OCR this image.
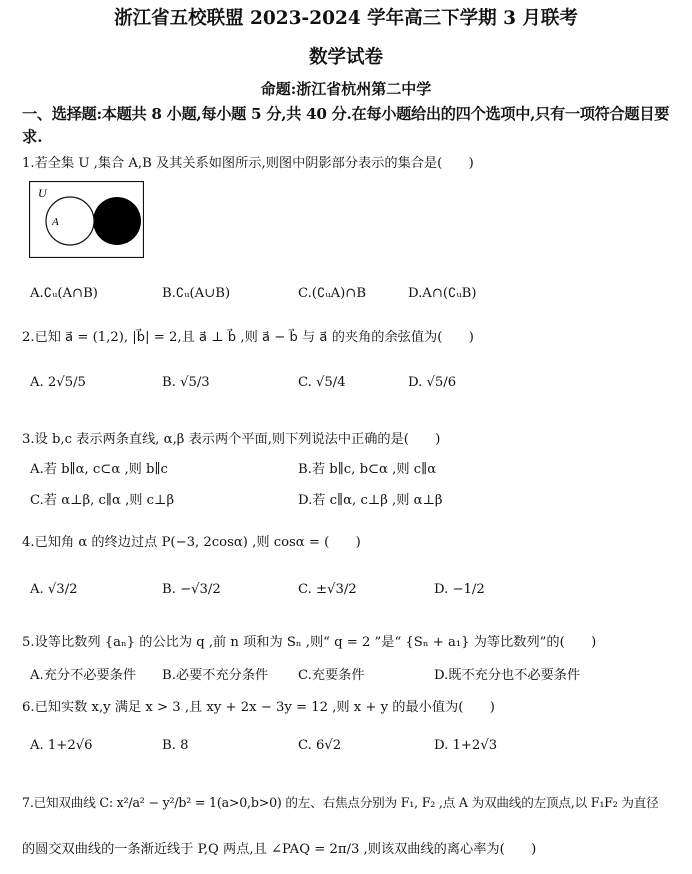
浙江省五校联盟 2023-2024 学年高三下学期 3 月联考
数学试卷
命题:浙江省杭州第二中学
一、选择题:本题共 8 小题,每小题 5 分,共 40 分.在每小题给出的四个选项中,只有一项符合题目要
求.
1.若全集 U ,集合 A,B 及其关系如图所示,则图中阴影部分表示的集合是(　　)
U
A
A.∁ᵤ(A∩B)	B.∁ᵤ(A∪B)	C.(∁ᵤA)∩B	D.A∩(∁ᵤB)
2.已知 a⃗ = (1,2), |b⃗| = 2,且 a⃗ ⊥ b⃗ ,则 a⃗ − b⃗ 与 a⃗ 的夹角的余弦值为(　　)
A. 2√5/5	B. √5/3	C. √5/4	D. √5/6
3.设 b,c 表示两条直线, α,β 表示两个平面,则下列说法中正确的是(　　)
A.若 b∥α, c⊂α ,则 b∥c	B.若 b∥c, b⊂α ,则 c∥α
C.若 α⊥β, c∥α ,则 c⊥β	D.若 c∥α, c⊥β ,则 α⊥β
4.已知角 α 的终边过点 P(−3, 2cosα) ,则 cosα = (　　)
A. √3/2	B. −√3/2	C. ±√3/2	D. −1/2
5.设等比数列 {aₙ} 的公比为 q ,前 n 项和为 Sₙ ,则“ q = 2 ”是“ {Sₙ + a₁} 为等比数列”的(　　)
A.充分不必要条件 B.必要不充分条件 C.充要条件	D.既不充分也不必要条件
6.已知实数 x,y 满足 x > 3 ,且 xy + 2x − 3y = 12 ,则 x + y 的最小值为(　　)
A. 1+2√6	B. 8	C. 6√2	D. 1+2√3
7.已知双曲线 C: x²/a² − y²/b² = 1(a>0,b>0) 的左、右焦点分别为 F₁, F₂ ,点 A 为双曲线的左顶点,以 F₁F₂ 为直径
的圆交双曲线的一条渐近线于 P,Q 两点,且 ∠PAQ = 2π/3 ,则该双曲线的离心率为(　　)
